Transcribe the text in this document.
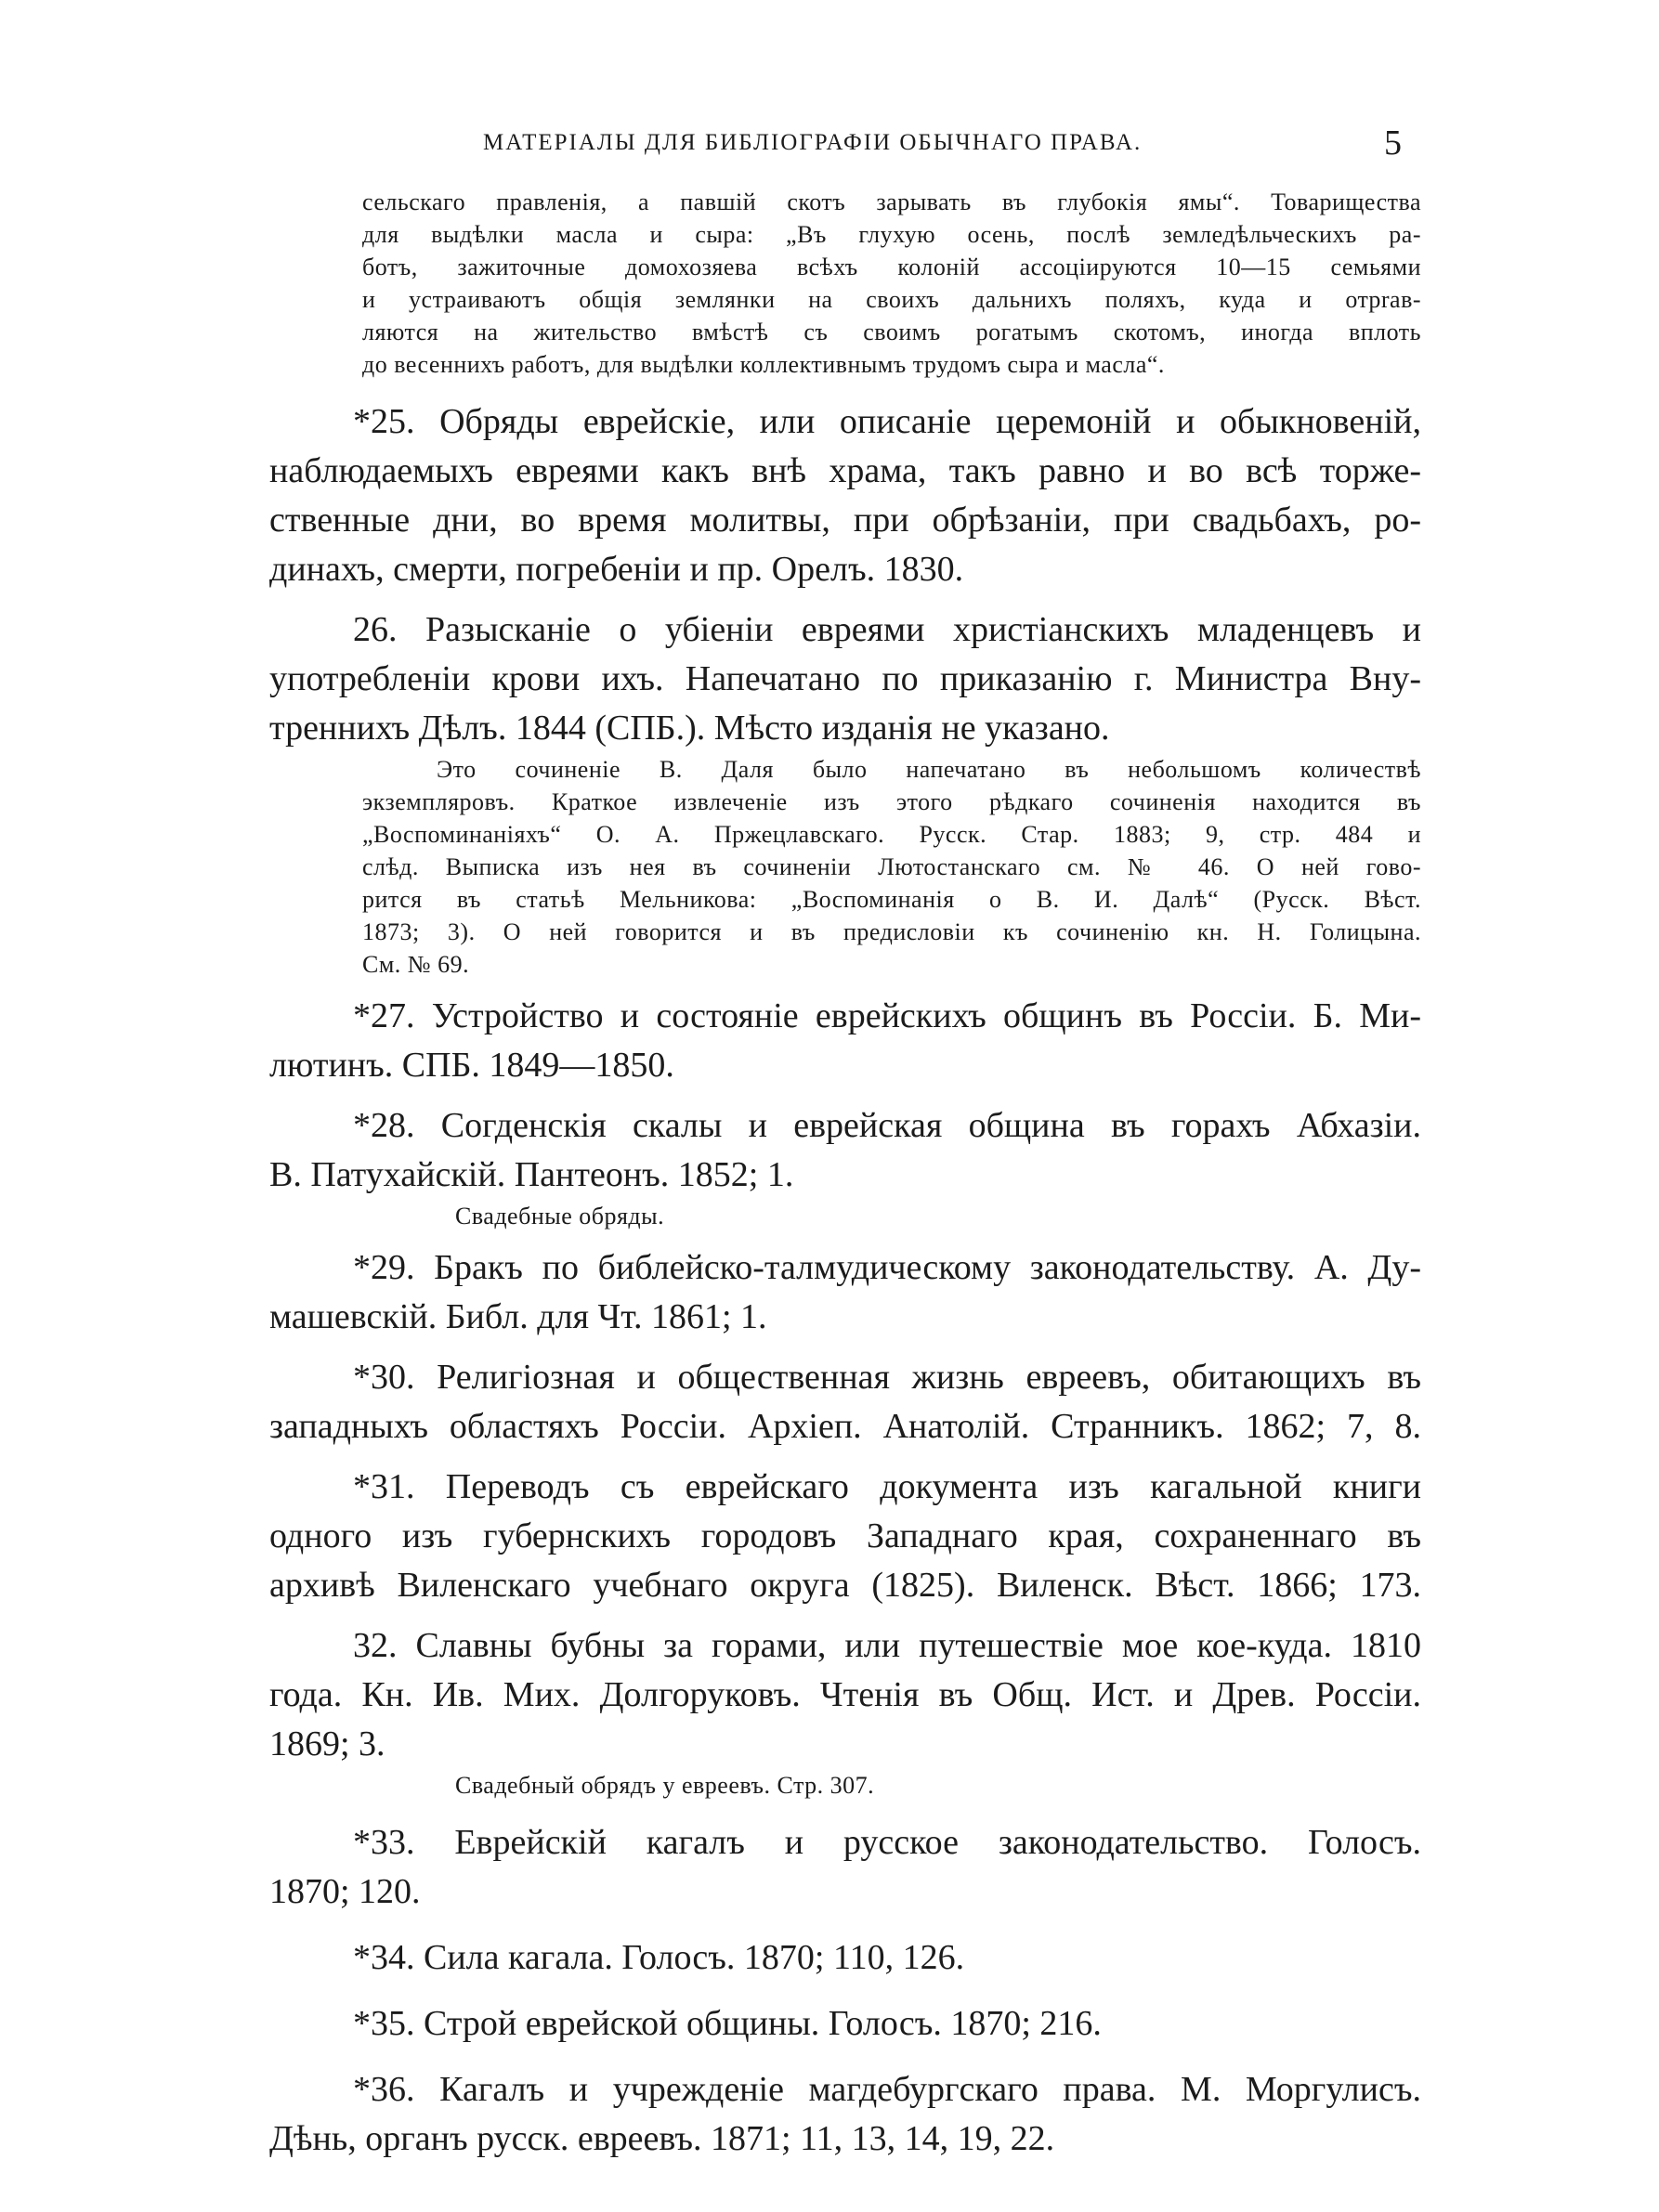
МАТЕРІАЛЫ ДЛЯ БИБЛІОГРАФІИ ОБЫЧНАГО ПРАВА.	5
сельскаго правленія, а павшій скотъ зарывать въ глубокія ямы“. Товарищества
для выдѣлки масла и сыра: „Въ глухую осень, послѣ земледѣльческихъ ра-
ботъ, зажиточные домохозяева всѣхъ колоній ассоціируются 10—15 семьями
и устраиваютъ общія землянки на своихъ дальнихъ поляхъ, куда и отprав-
ляются на жительство вмѣстѣ съ своимъ рогатымъ скотомъ, иногда вплоть
до весеннихъ работъ, для выдѣлки коллективнымъ трудомъ сыра и масла“.
*25. Обряды еврейскіе, или описаніе церемоній и обыкновеній,
наблюдаемыхъ евреями какъ внѣ храма, такъ равно и во всѣ торже-
ственные дни, во время молитвы, при обрѣзаніи, при свадьбахъ, ро-
динахъ, смерти, погребеніи и пр. Орелъ. 1830.
26. Разысканіе о убіеніи евреями христіанскихъ младенцевъ и
употребленіи крови ихъ. Напечатано по приказанію г. Министра Вну-
треннихъ Дѣлъ. 1844 (СПБ.). Мѣсто изданія не указано.
Это сочиненіе В. Даля было напечатано въ небольшомъ количествѣ
экземпляровъ. Краткое извлеченіе изъ этого рѣдкаго сочиненія находится въ
„Воспоминаніяхъ“ О. А. Пржецлавскаго. Русск. Стар. 1883; 9, стр. 484 и
слѣд. Выписка изъ нея въ сочиненіи Лютостанскаго см. № 46. О ней гово-
рится въ статьѣ Мельникова: „Воспоминанія о В. И. Далѣ“ (Русск. Вѣст.
1873; 3). О ней говорится и въ предисловіи къ сочиненію кн. Н. Голицына.
См. № 69.
*27. Устройство и состояніе еврейскихъ общинъ въ Россіи. Б. Ми-
лютинъ. СПБ. 1849—1850.
*28. Согденскія скалы и еврейская община въ горахъ Абхазіи.
В. Патухайскій. Пантеонъ. 1852; 1.
Свадебные обряды.
*29. Бракъ по библейско-талмудическому законодательству. А. Ду-
машевскій. Библ. для Чт. 1861; 1.
*30. Религіозная и общественная жизнь евреевъ, обитающихъ въ
западныхъ областяхъ Россіи. Архіеп. Анатолій. Странникъ. 1862; 7, 8.
*31. Переводъ съ еврейскаго документа изъ кагальной книги
одного изъ губернскихъ городовъ Западнаго края, сохраненнаго въ
архивѣ Виленскаго учебнаго округа (1825). Виленск. Вѣст. 1866; 173.
32. Славны бубны за горами, или путешествіе мое кое-куда. 1810
года. Кн. Ив. Мих. Долгоруковъ. Чтенія въ Общ. Ист. и Древ. Россіи.
1869; 3.
Свадебный обрядъ у евреевъ. Стр. 307.
*33. Еврейскій кагалъ и русское законодательство. Голосъ.
1870; 120.
*34. Сила кагала. Голосъ. 1870; 110, 126.
*35. Строй еврейской общины. Голосъ. 1870; 216.
*36. Кагалъ и учрежденіе магдебургскаго права. М. Моргулисъ.
Дѣнь, органъ русск. евреевъ. 1871; 11, 13, 14, 19, 22.
